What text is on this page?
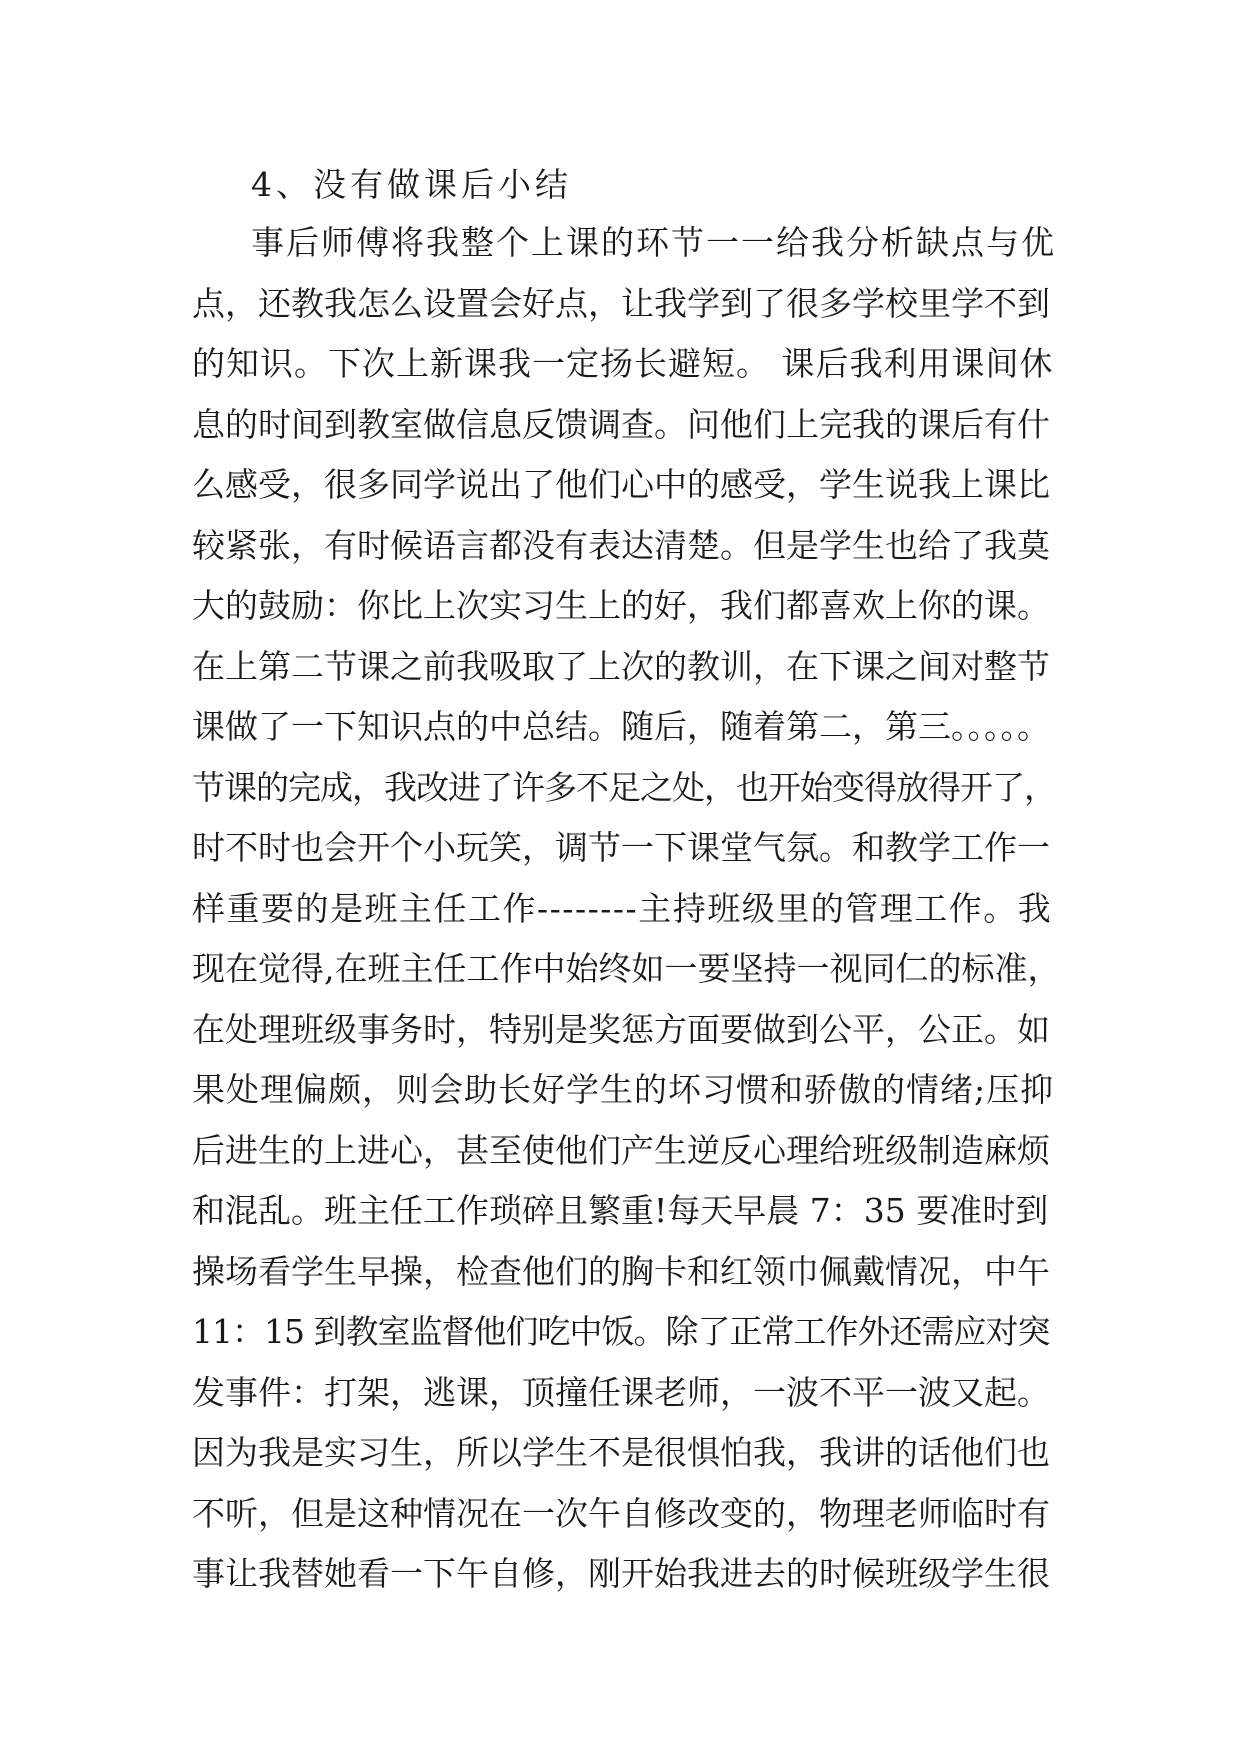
4、没有做课后小结
事后师傅将我整个上课的环节一一给我分析缺点与优
点，还教我怎么设置会好点，让我学到了很多学校里学不到
的知识。下次上新课我一定扬长避短。 课后我利用课间休
息的时间到教室做信息反馈调查。问他们上完我的课后有什
么感受，很多同学说出了他们心中的感受，学生说我上课比
较紧张，有时候语言都没有表达清楚。但是学生也给了我莫
大的鼓励：你比上次实习生上的好，我们都喜欢上你的课。
在上第二节课之前我吸取了上次的教训，在下课之间对整节
课做了一下知识点的中总结。随后，随着第二，第三。。。。。
节课的完成，我改进了许多不足之处，也开始变得放得开了，
时不时也会开个小玩笑，调节一下课堂气氛。和教学工作一
样重要的是班主任工作--------主持班级里的管理工作。我
现在觉得,在班主任工作中始终如一要坚持一视同仁的标准，
在处理班级事务时，特别是奖惩方面要做到公平，公正。如
果处理偏颇，则会助长好学生的坏习惯和骄傲的情绪;压抑
后进生的上进心，甚至使他们产生逆反心理给班级制造麻烦
和混乱。班主任工作琐碎且繁重!每天早晨 7：35 要准时到
操场看学生早操，检查他们的胸卡和红领巾佩戴情况，中午
11：15 到教室监督他们吃中饭。除了正常工作外还需应对突
发事件：打架，逃课，顶撞任课老师，一波不平一波又起。
因为我是实习生，所以学生不是很惧怕我，我讲的话他们也
不听，但是这种情况在一次午自修改变的，物理老师临时有
事让我替她看一下午自修，刚开始我进去的时候班级学生很
